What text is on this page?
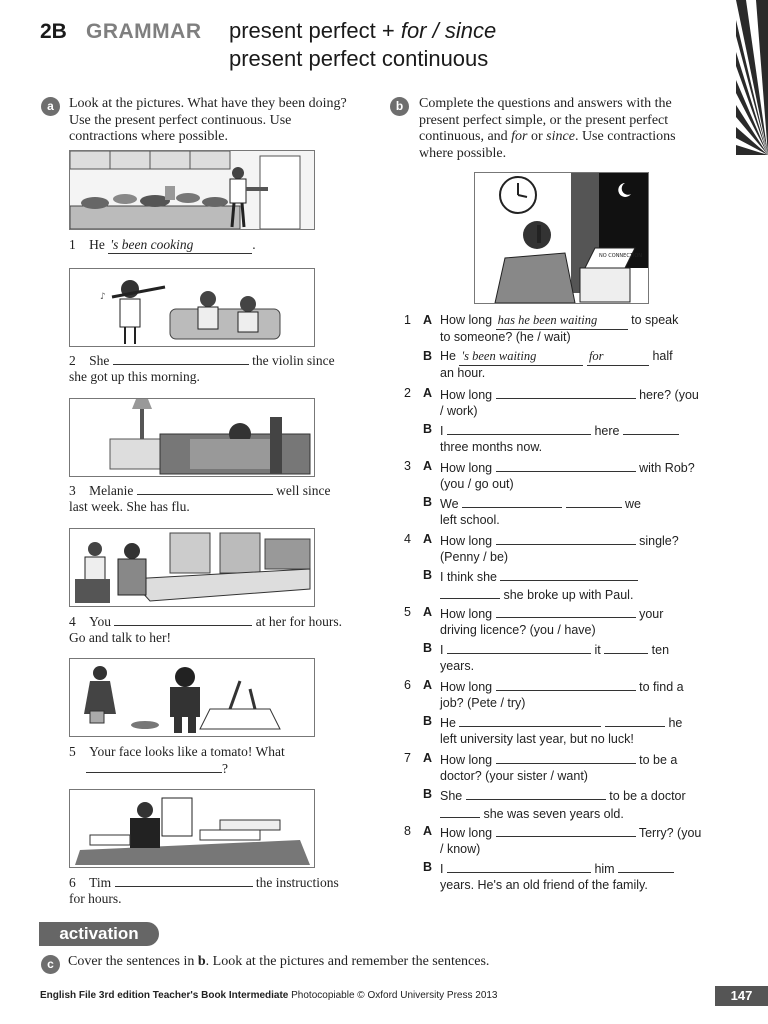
2B GRAMMAR present perfect + for / since
present perfect continuous
a	Look at the pictures. What have they been doing? Use the present perfect continuous. Use contractions where possible.
1 He 's been cooking	.
♪
2 She	the violin since
she got up this morning.
3 Melanie	well since
last week. She has flu.
4 You	at her for hours.
Go and talk to her!
5 Your face looks like a tomato! What
?
6 Tim	the instructions
for hours.
b	Complete the questions and answers with the present perfect simple, or the present perfect continuous, and for or since. Use contractions where possible.
NO CONNECTION
1 A How long has he been waiting	to speak
to someone? (he / wait)
B He 's been waiting	for	half
an hour.
2 A How long	here? (you
/ work)
B I	here
three months now.
3 A How long	with Rob?
(you / go out)
B We	we
left school.
4 A How long	single?
(Penny / be)
B I think she
she broke up with Paul.
5 A How long	your
driving licence? (you / have)
B I	it	ten
years.
6 A How long	to find a
job? (Pete / try)
B He	he
left university last year, but no luck!
7 A How long	to be a
doctor? (your sister / want)
B She	to be a doctor
she was seven years old.
8 A How long	Terry? (you
/ know)
B I	him
years. He's an old friend of the family.
activation
c	Cover the sentences in b. Look at the pictures and remember the sentences.
English File 3rd edition Teacher's Book Intermediate Photocopiable © Oxford University Press 2013	147
